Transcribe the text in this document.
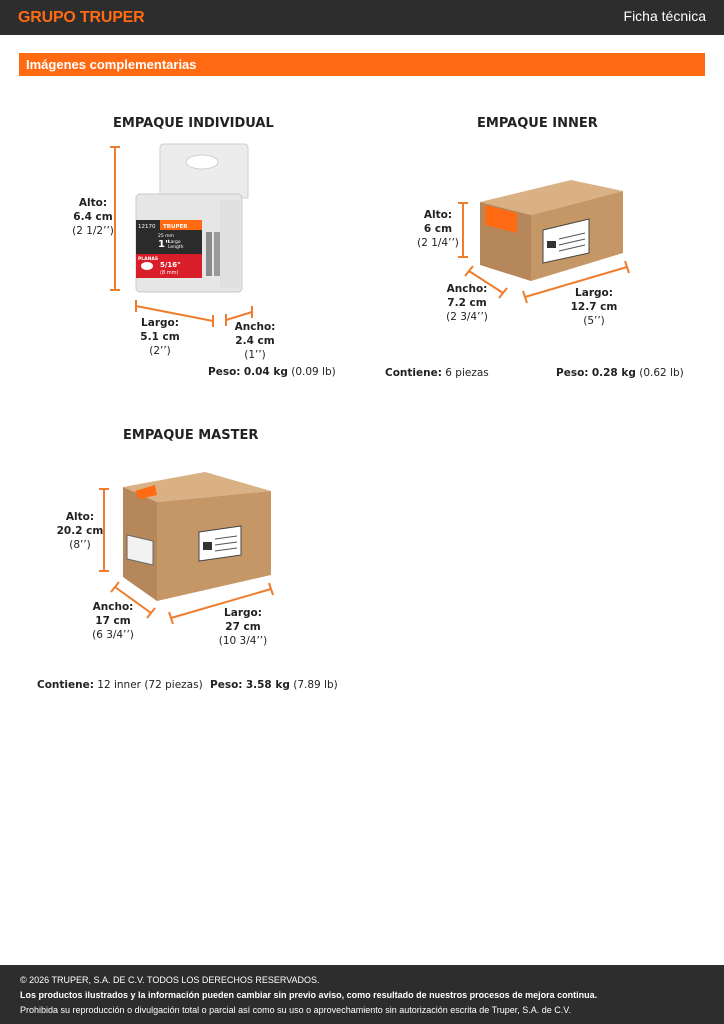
GRUPO TRUPER	Ficha técnica
Imágenes complementarias
EMPAQUE INDIVIDUAL
12170 TRUPER
25 mm
1"
Largo
Length
PLANAS
5/16"
(8 mm)
Alto:
6.4 cm
(2 1/2’’)
Largo:
5.1 cm
(2’’)
Ancho:
2.4 cm
(1’’)
Peso: 0.04 kg (0.09 lb)
EMPAQUE INNER
Alto:
6 cm
(2 1/4’’)
Ancho:
7.2 cm
(2 3/4’’)
Largo:
12.7 cm
(5’’)
Contiene: 6 piezas	Peso: 0.28 kg (0.62 lb)
EMPAQUE MASTER
Alto:
20.2 cm
(8’’)
Ancho:
17 cm
(6 3/4’’)
Largo:
27 cm
(10 3/4’’)
Contiene: 12 inner (72 piezas) Peso: 3.58 kg (7.89 lb)
© 2026 TRUPER, S.A. DE C.V. TODOS LOS DERECHOS RESERVADOS.
Los productos ilustrados y la información pueden cambiar sin previo aviso, como resultado de nuestros procesos de mejora continua.
Prohibida su reproducción o divulgación total o parcial así como su uso o aprovechamiento sin autorización escrita de Truper, S.A. de C.V.
